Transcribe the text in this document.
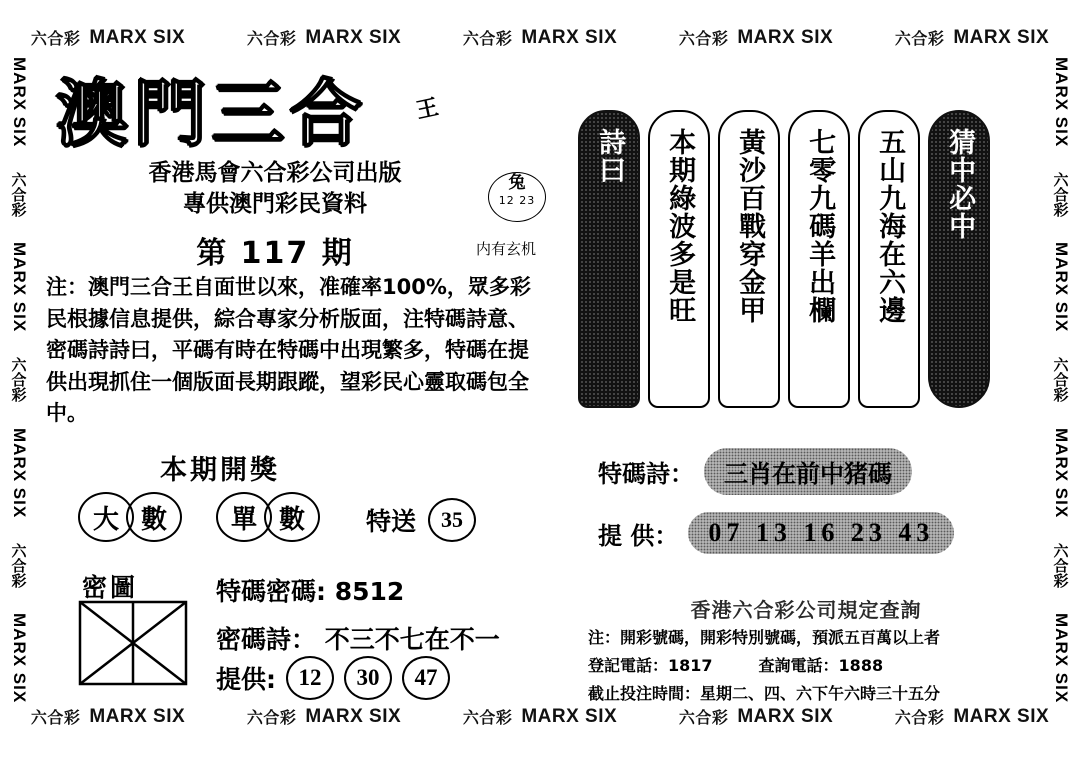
六合彩 MARX SIX	六合彩 MARX SIX	六合彩 MARX SIX	六合彩 MARX SIX	六合彩 MARX SIX
六合彩 MARX SIX	六合彩 MARX SIX	六合彩 MARX SIX	六合彩 MARX SIX	六合彩 MARX SIX
MARX SIX
六合彩
MARX SIX
六合彩
MARX SIX
六合彩
MARX SIX
MARX SIX
六合彩
MARX SIX
六合彩
MARX SIX
六合彩
MARX SIX
澳門三合 王
香港馬會六合彩公司出版
專供澳門彩民資料
第 117 期
兔
12 23
内有玄机
注：澳門三合王自面世以來，准確率100%，眾多彩民根據信息提供，綜合專家分析版面，注特碼詩意、密碼詩詩曰，平碼有時在特碼中出現繁多，特碼在提供出現抓住一個版面長期跟蹤，望彩民心靈取碼包全中。
本期開獎
大 數	單 數	特送	35
密圖	特碼密碼: 8512
密碼詩： 不三不七在不一
提供: 12	30	47
詩曰 本期綠波多是旺 黃沙百戰穿金甲 七零九碼羊出欄 五山九海在六邊 猜中必中
特碼詩：	三肖在前中猪碼
提 供：	07 13 16 23 43
香港六合彩公司規定查詢
注：開彩號碼，開彩特別號碼，預派五百萬以上者
登記電話：1817	查詢電話：1888
截止投注時間：星期二、四、六下午六時三十五分
